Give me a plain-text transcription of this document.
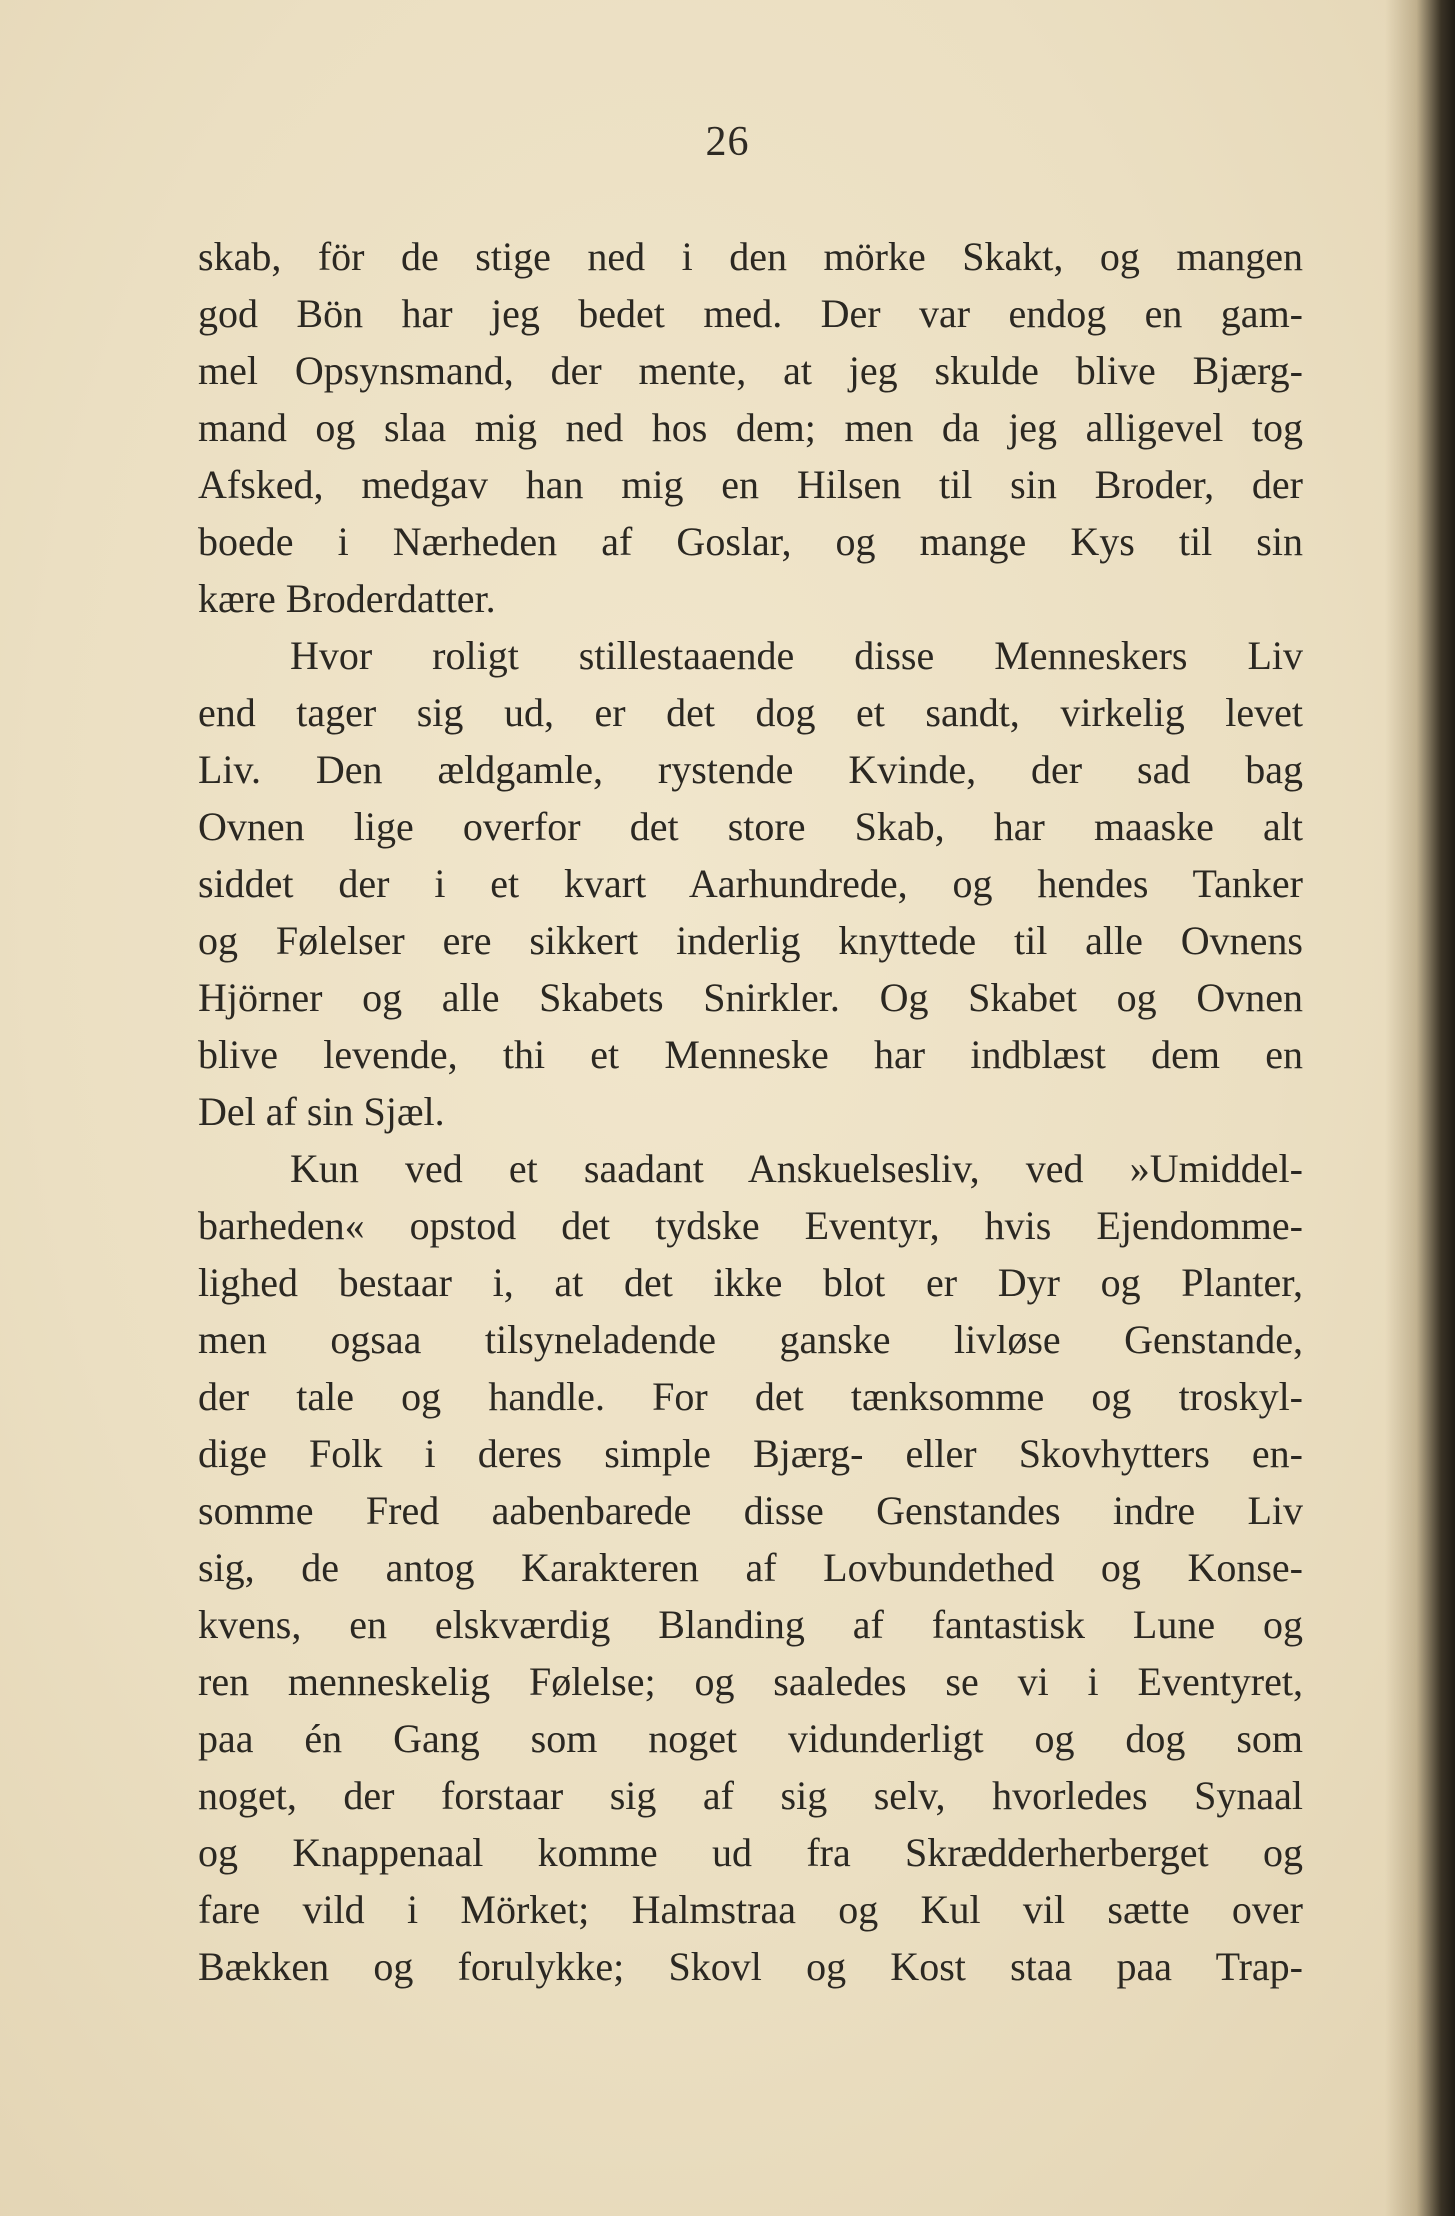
26
skab, för de stige ned i den mörke Skakt, og mangen
god Bön har jeg bedet med. Der var endog en gam-
mel Opsynsmand, der mente, at jeg skulde blive Bjærg-
mand og slaa mig ned hos dem; men da jeg alligevel tog
Afsked, medgav han mig en Hilsen til sin Broder, der
boede i Nærheden af Goslar, og mange Kys til sin
kære Broderdatter.
Hvor roligt stillestaaende disse Menneskers Liv
end tager sig ud, er det dog et sandt, virkelig levet
Liv. Den ældgamle, rystende Kvinde, der sad bag
Ovnen lige overfor det store Skab, har maaske alt
siddet der i et kvart Aarhundrede, og hendes Tanker
og Følelser ere sikkert inderlig knyttede til alle Ovnens
Hjörner og alle Skabets Snirkler. Og Skabet og Ovnen
blive levende, thi et Menneske har indblæst dem en
Del af sin Sjæl.
Kun ved et saadant Anskuelsesliv, ved »Umiddel-
barheden« opstod det tydske Eventyr, hvis Ejendomme-
lighed bestaar i, at det ikke blot er Dyr og Planter,
men ogsaa tilsyneladende ganske livløse Genstande,
der tale og handle. For det tænksomme og troskyl-
dige Folk i deres simple Bjærg- eller Skovhytters en-
somme Fred aabenbarede disse Genstandes indre Liv
sig, de antog Karakteren af Lovbundethed og Konse-
kvens, en elskværdig Blanding af fantastisk Lune og
ren menneskelig Følelse; og saaledes se vi i Eventyret,
paa én Gang som noget vidunderligt og dog som
noget, der forstaar sig af sig selv, hvorledes Synaal
og Knappenaal komme ud fra Skrædderherberget og
fare vild i Mörket; Halmstraa og Kul vil sætte over
Bækken og forulykke; Skovl og Kost staa paa Trap-
